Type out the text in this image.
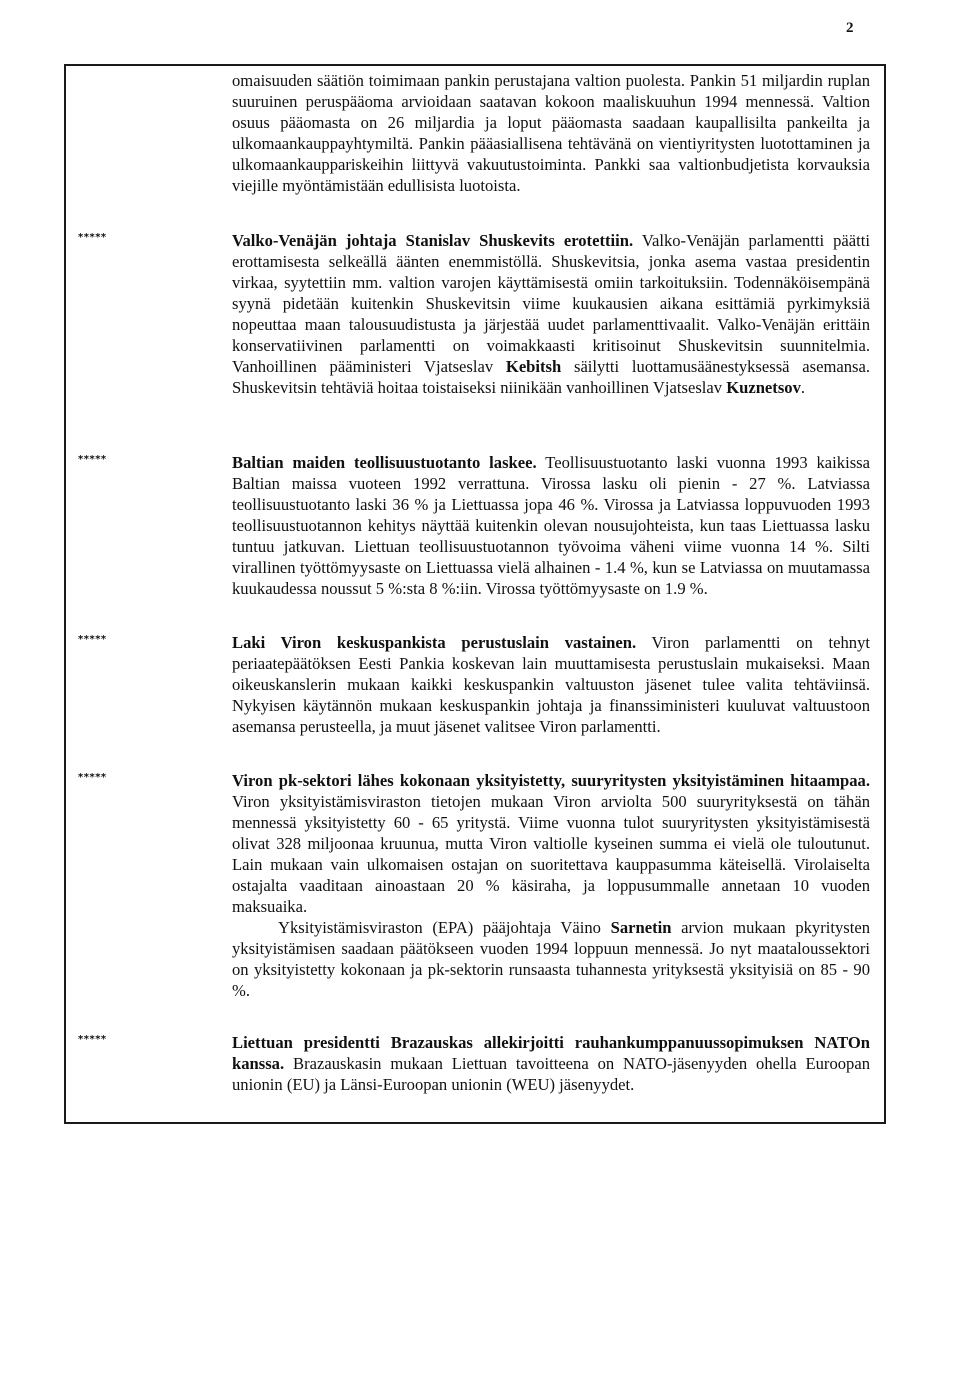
2

omaisuuden säätiön toimimaan pankin perustajana valtion puolesta. Pankin 51 miljardin ruplan suuruinen peruspääoma arvioidaan saatavan kokoon maaliskuuhun 1994 mennessä. Valtion osuus pääomasta on 26 miljardia ja loput pääomasta saadaan kaupallisilta pankeilta ja ulkomaankauppayhtymiltä. Pankin pääasiallisena tehtävänä on vientiyritysten luotottaminen ja ulkomaankauppariskeihin liittyvä vakuutustoiminta. Pankki saa valtionbudjetista korvauksia viejille myöntämistään edullisista luotoista.

*****	Valko-Venäjän johtaja Stanislav Shuskevits erotettiin. Valko-Venäjän parlamentti päätti erottamisesta selkeällä äänten enemmistöllä. Shuskevitsia, jonka asema vastaa presidentin virkaa, syytettiin mm. valtion varojen käyttämisestä omiin tarkoituksiin. Todennäköisempänä syynä pidetään kuitenkin Shuskevitsin viime kuukausien aikana esittämiä pyrkimyksiä nopeuttaa maan talousuudistusta ja järjestää uudet parlamenttivaalit. Valko-Venäjän erittäin konservatiivinen parlamentti on voimakkaasti kritisoinut Shuskevitsin suunnitelmia. Vanhoillinen pääministeri Vjatseslav Kebitsh säilytti luottamusäänestyksessä asemansa. Shuskevitsin tehtäviä hoitaa toistaiseksi niinikään vanhoillinen Vjatseslav Kuznetsov.

*****	Baltian maiden teollisuustuotanto laskee. Teollisuustuotanto laski vuonna 1993 kaikissa Baltian maissa vuoteen 1992 verrattuna. Virossa lasku oli pienin - 27 %. Latviassa teollisuustuotanto laski 36 % ja Liettuassa jopa 46 %. Virossa ja Latviassa loppuvuoden 1993 teollisuustuotannon kehitys näyttää kuitenkin olevan nousujohteista, kun taas Liettuassa lasku tuntuu jatkuvan. Liettuan teollisuustuotannon työvoima väheni viime vuonna 14 %. Silti virallinen työttömyysaste on Liettuassa vielä alhainen - 1.4 %, kun se Latviassa on muutamassa kuukaudessa noussut 5 %:sta 8 %:iin. Virossa työttömyysaste on 1.9 %.

*****	Laki Viron keskuspankista perustuslain vastainen. Viron parlamentti on tehnyt periaatepäätöksen Eesti Pankia koskevan lain muuttamisesta perustuslain mukaiseksi. Maan oikeuskanslerin mukaan kaikki keskuspankin valtuuston jäsenet tulee valita tehtäviinsä. Nykyisen käytännön mukaan keskuspankin johtaja ja finanssiministeri kuuluvat valtuustoon asemansa perusteella, ja muut jäsenet valitsee Viron parlamentti.

*****	Viron pk-sektori lähes kokonaan yksityistetty, suuryritysten yksityistäminen hitaampaa. Viron yksityistämisviraston tietojen mukaan Viron arviolta 500 suuryrityksestä on tähän mennessä yksityistetty 60 - 65 yritystä. Viime vuonna tulot suuryritysten yksityistämisestä olivat 328 miljoonaa kruunua, mutta Viron valtiolle kyseinen summa ei vielä ole tuloutunut. Lain mukaan vain ulkomaisen ostajan on suoritettava kauppasumma käteisellä. Virolaiselta ostajalta vaaditaan ainoastaan 20 % käsiraha, ja loppusummalle annetaan 10 vuoden maksuaika.

Yksityistämisviraston (EPA) pääjohtaja Väino Sarnetin arvion mukaan pkyritysten yksityistämisen saadaan päätökseen vuoden 1994 loppuun mennessä. Jo nyt maataloussektori on yksityistetty kokonaan ja pk-sektorin runsaasta tuhannesta yrityksestä yksityisiä on 85 - 90 %.

*****	Liettuan presidentti Brazauskas allekirjoitti rauhankumppanuussopimuksen NATOn kanssa. Brazauskasin mukaan Liettuan tavoitteena on NATO-jäsenyyden ohella Euroopan unionin (EU) ja Länsi-Euroopan unionin (WEU) jäsenyydet.
